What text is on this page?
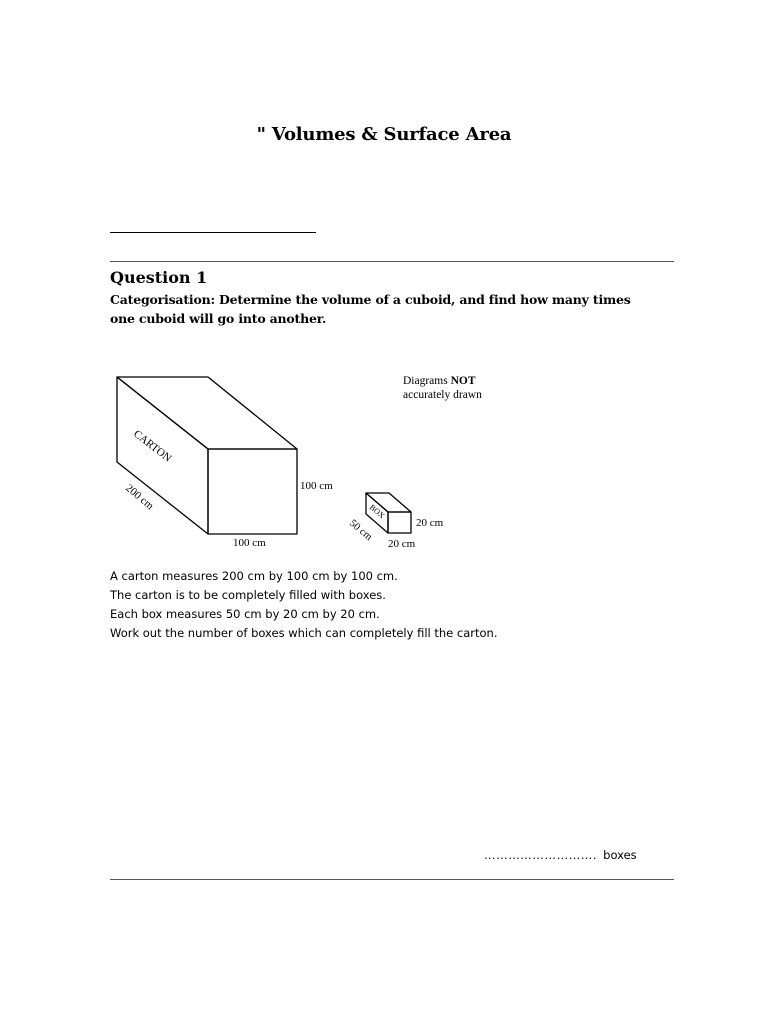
" Volumes & Surface Area
Question 1
Categorisation: Determine the volume of a cuboid, and find how many times one cuboid will go into another.
Diagrams NOT
accurately drawn
CARTON
200 cm	100 cm
100 cm
BOX
50 cm	20 cm
20 cm
A carton measures 200 cm by 100 cm by 100 cm.
The carton is to be completely filled with boxes.
Each box measures 50 cm by 20 cm by 20 cm.
Work out the number of boxes which can completely fill the carton.
………………………. boxes
